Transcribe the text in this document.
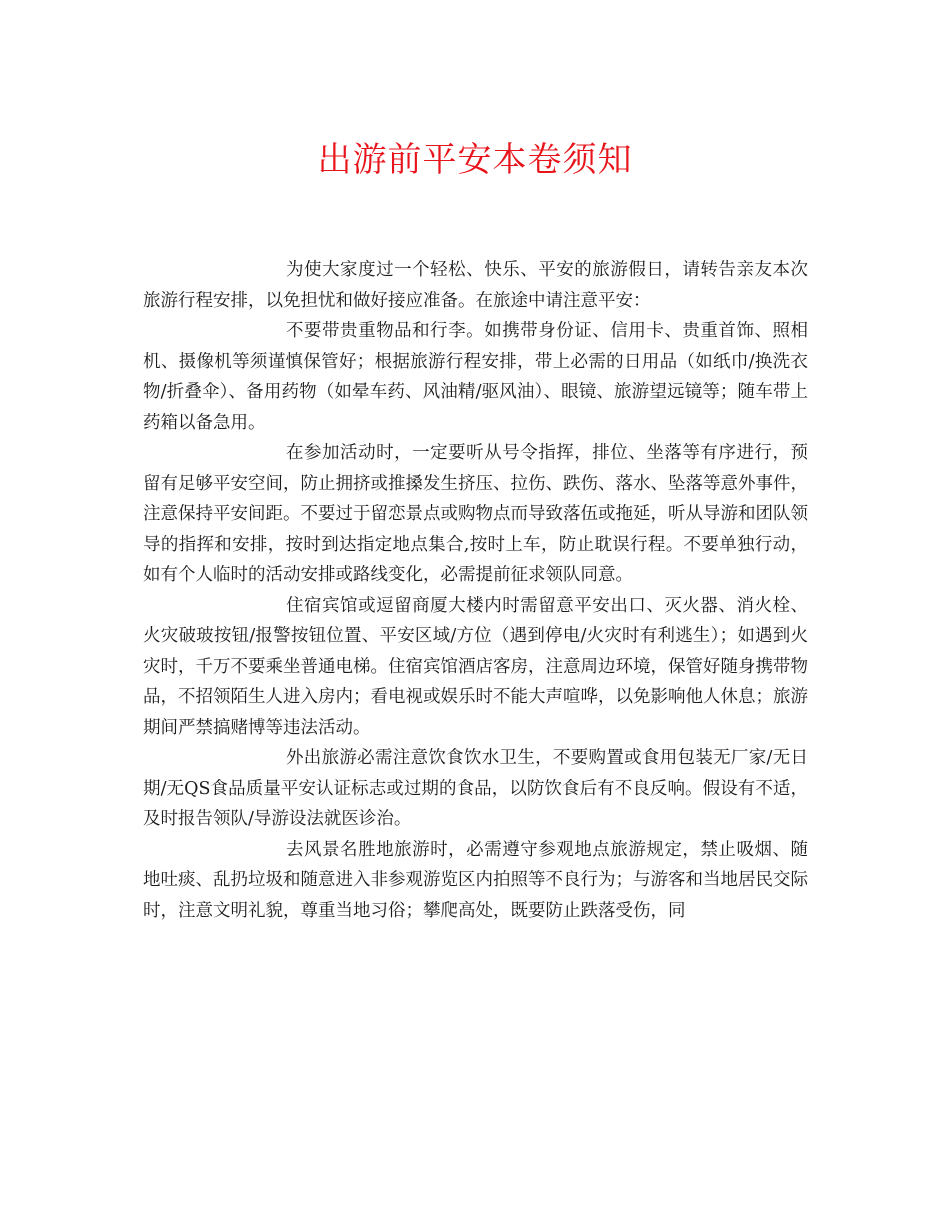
出游前平安本卷须知

为使大家度过一个轻松、快乐、平安的旅游假日，请转告亲友本次旅游行程安排，以免担忧和做好接应准备。在旅途中请注意平安：

不要带贵重物品和行李。如携带身份证、信用卡、贵重首饰、照相机、摄像机等须谨慎保管好；根据旅游行程安排，带上必需的日用品（如纸巾/换洗衣物/折叠伞）、备用药物（如晕车药、风油精/驱风油）、眼镜、旅游望远镜等；随车带上药箱以备急用。

在参加活动时，一定要听从号令指挥，排位、坐落等有序进行，预留有足够平安空间，防止拥挤或推搡发生挤压、拉伤、跌伤、落水、坠落等意外事件，注意保持平安间距。不要过于留恋景点或购物点而导致落伍或拖延，听从导游和团队领导的指挥和安排，按时到达指定地点集合,按时上车，防止耽误行程。不要单独行动，如有个人临时的活动安排或路线变化，必需提前征求领队同意。

住宿宾馆或逗留商厦大楼内时需留意平安出口、灭火器、消火栓、火灾破玻按钮/报警按钮位置、平安区域/方位（遇到停电/火灾时有利逃生）；如遇到火灾时，千万不要乘坐普通电梯。住宿宾馆酒店客房，注意周边环境，保管好随身携带物品，不招领陌生人进入房内；看电视或娱乐时不能大声喧哗，以免影响他人休息；旅游期间严禁搞赌博等违法活动。

外出旅游必需注意饮食饮水卫生，不要购置或食用包装无厂家/无日期/无QS食品质量平安认证标志或过期的食品，以防饮食后有不良反响。假设有不适，及时报告领队/导游设法就医诊治。

去风景名胜地旅游时，必需遵守参观地点旅游规定，禁止吸烟、随地吐痰、乱扔垃圾和随意进入非参观游览区内拍照等不良行为；与游客和当地居民交际时，注意文明礼貌，尊重当地习俗；攀爬高处，既要防止跌落受伤，同
